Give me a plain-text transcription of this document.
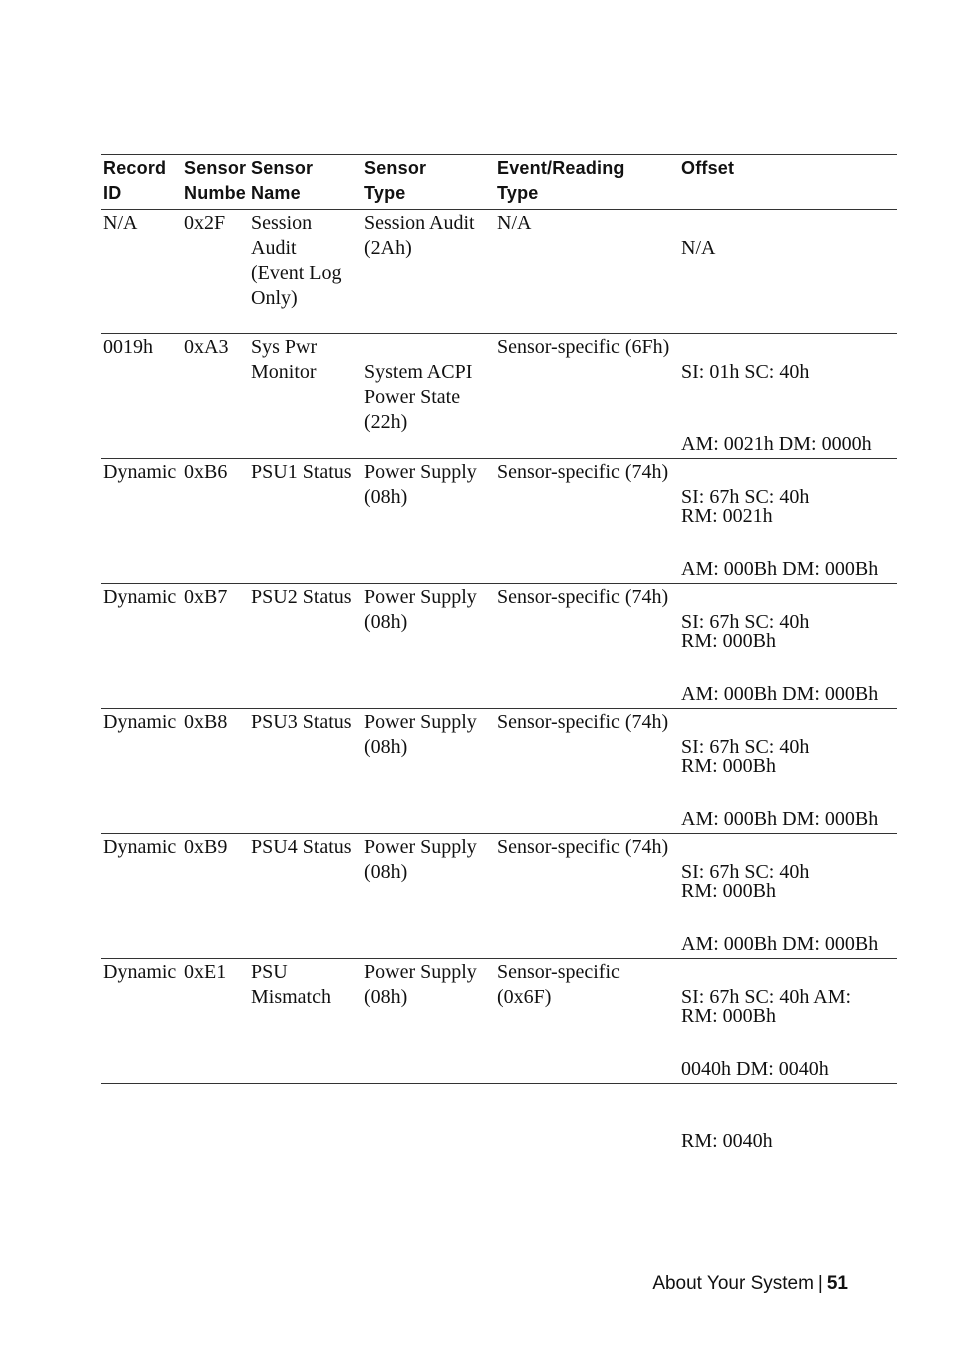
Record
ID
Sensor
Numbe
Sensor
Name
Sensor
Type
Event/Reading
Type
Offset
N/A 0x2F Session
Audit
(Event Log
Only)
Session Audit
(2Ah)
N/A

N/A

0019h 0xA3 Sys Pwr
Monitor System ACPI
Power State
(22h)
Sensor-specific (6Fh)

SI: 01h SC: 40h

AM: 0021h DM: 0000h

RM: 0021h

Dynamic 0xB6 PSU1 Status Power Supply
(08h)
Sensor-specific (74h)

SI: 67h SC: 40h

AM: 000Bh DM: 000Bh

RM: 000Bh

Dynamic 0xB7 PSU2 Status Power Supply
(08h)
Sensor-specific (74h)

SI: 67h SC: 40h

AM: 000Bh DM: 000Bh

RM: 000Bh

Dynamic 0xB8 PSU3 Status Power Supply
(08h)
Sensor-specific (74h)

SI: 67h SC: 40h

AM: 000Bh DM: 000Bh

RM: 000Bh

Dynamic 0xB9 PSU4 Status Power Supply
(08h)
Sensor-specific (74h)

SI: 67h SC: 40h

AM: 000Bh DM: 000Bh

RM: 000Bh

Dynamic 0xE1 PSU
Mismatch
Power Supply
(08h)
Sensor-specific
(0x6F)	SI: 67h SC: 40h AM:

0040h DM: 0040h

RM: 0040h

About Your System | 51
